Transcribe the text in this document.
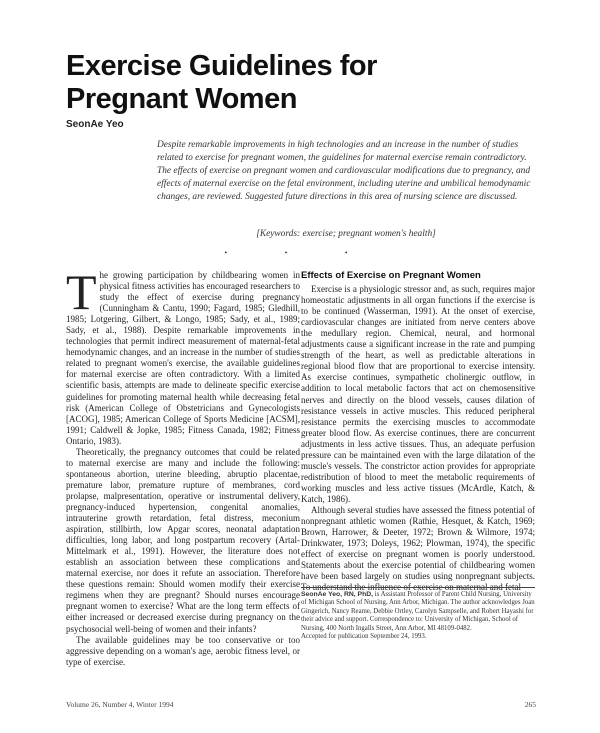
Exercise Guidelines for Pregnant Women
SeonAe Yeo
Despite remarkable improvements in high technologies and an increase in the number of studies related to exercise for pregnant women, the guidelines for maternal exercise remain contradictory. The effects of exercise on pregnant women and cardiovascular modifications due to pregnancy, and effects of maternal exercise on the fetal environment, including uterine and umbilical hemodynamic changes, are reviewed. Suggested future directions in this area of nursing science are discussed.
[Keywords: exercise; pregnant women's health]
• • •
T he growing participation by childbearing women in physical fitness activities has encouraged researchers to study the effect of exercise during pregnancy (Cunningham & Cantu, 1990; Fagard, 1985; Gledhill, 1985; Lotgering, Gilbert, & Longo, 1985; Sady, et al., 1989; Sady, et al., 1988). Despite remarkable improvements in technologies that permit indirect measurement of maternal-fetal hemodynamic changes, and an increase in the number of studies related to pregnant women's exercise, the available guidelines for maternal exercise are often contradictory. With a limited scientific basis, attempts are made to delineate specific exercise guidelines for promoting maternal health while decreasing fetal risk (American College of Obstetricians and Gynecologists [ACOG], 1985; American College of Sports Medicine [ACSM], 1991; Caldwell & Jopke, 1985; Fitness Canada, 1982; Fitness Ontario, 1983).

Theoretically, the pregnancy outcomes that could be related to maternal exercise are many and include the following: spontaneous abortion, uterine bleeding, abruptio placentae, premature labor, premature rupture of membranes, cord prolapse, malpresentation, operative or instrumental delivery, pregnancy-induced hypertension, congenital anomalies, intrauterine growth retardation, fetal distress, meconium aspiration, stillbirth, low Apgar scores, neonatal adaptation difficulties, long labor, and long postpartum recovery (Artal-Mittelmark et al., 1991). However, the literature does not establish an association between these complications and maternal exercise, nor does it refute an association. Therefore these questions remain: Should women modify their exercise regimens when they are pregnant? Should nurses encourage pregnant women to exercise? What are the long term effects of either increased or decreased exercise during pregnancy on the psychosocial well-being of women and their infants?

The available guidelines may be too conservative or too aggressive depending on a woman's age, aerobic fitness level, or type of exercise.

Effects of Exercise on Pregnant Women

Exercise is a physiologic stressor and, as such, requires major homeostatic adjustments in all organ functions if the exercise is to be continued (Wasserman, 1991). At the onset of exercise, cardiovascular changes are initiated from nerve centers above the medullary region. Chemical, neural, and hormonal adjustments cause a significant increase in the rate and pumping strength of the heart, as well as predictable alterations in regional blood flow that are proportional to exercise intensity. As exercise continues, sympathetic cholinergic outflow, in addition to local metabolic factors that act on chemosensitive nerves and directly on the blood vessels, causes dilation of resistance vessels in active muscles. This reduced peripheral resistance permits the exercising muscles to accommodate greater blood flow. As exercise continues, there are concurrent adjustments in less active tissues. Thus, an adequate perfusion pressure can be maintained even with the large dilatation of the muscle's vessels. The constrictor action provides for appropriate redistribution of blood to meet the metabolic requirements of working muscles and less active tissues (McArdle, Katch, & Katch, 1986).

Although several studies have assessed the fitness potential of nonpregnant athletic women (Rathie, Hesquet, & Katch, 1969; Brown, Harrower, & Deeter, 1972; Brown & Wilmore, 1974; Drinkwater, 1973; Doleys, 1962; Plowman, 1974), the specific effect of exercise on pregnant women is poorly understood. Statements about the exercise potential of childbearing women have been based largely on studies using nonpregnant subjects. To understand the influence of exercise on maternal and fetal

SeonAe Yeo, RN, PhD, is Assistant Professor of Parent Child Nursing, University of Michigan School of Nursing, Ann Arbor, Michigan. The author acknowledges Joan Gingerich, Nancy Reame, Debbie Ortley, Carolyn Sampselle, and Robert Hayashi for their advice and support. Correspondence to: University of Michigan, School of Nursing, 400 North Ingalls Street, Ann Arbor, MI 48109-0482.
Accepted for publication September 24, 1993.
Volume 26, Number 4, Winter 1994	265
